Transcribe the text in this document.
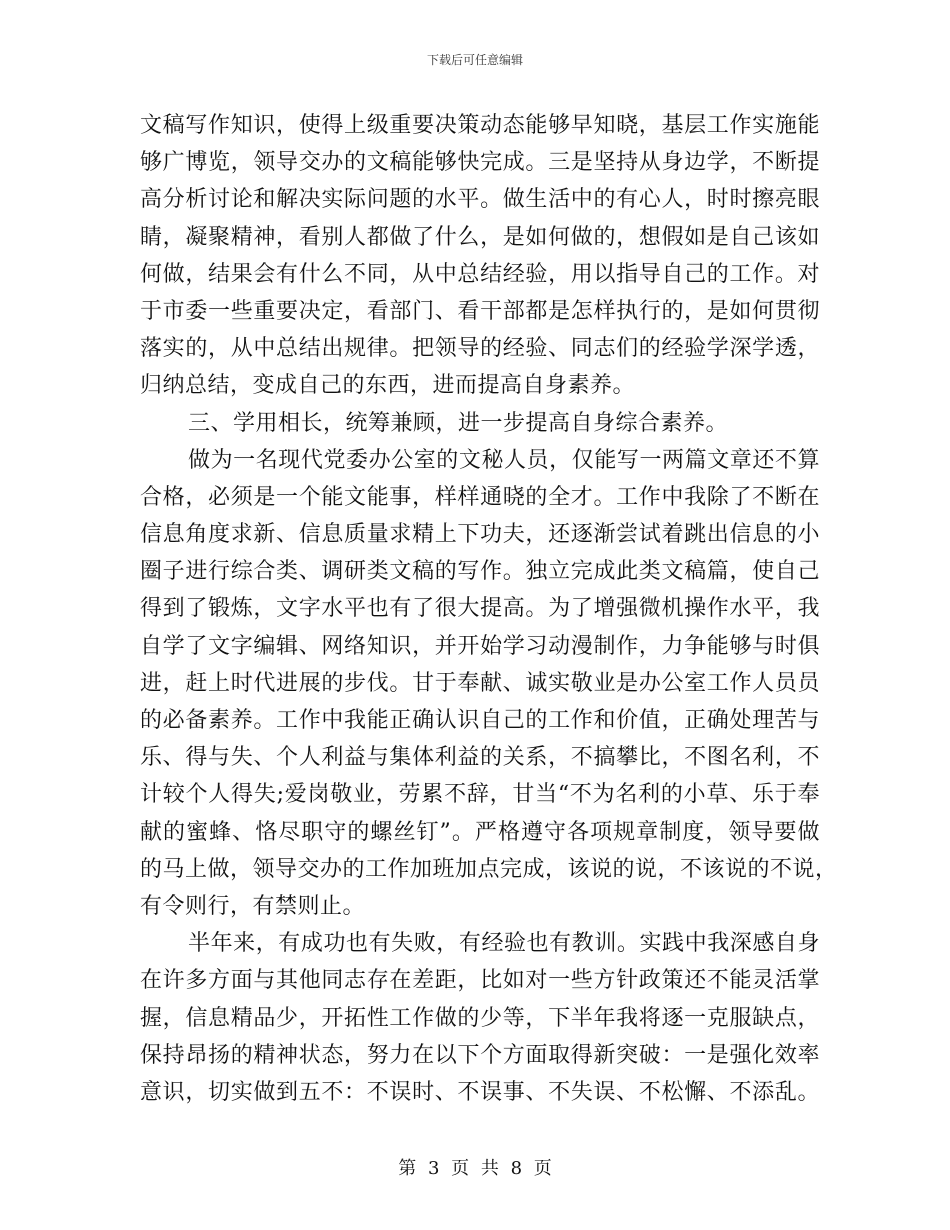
下载后可任意编辑
文稿写作知识，使得上级重要决策动态能够早知晓，基层工作实施能
够广博览，领导交办的文稿能够快完成。三是坚持从身边学，不断提
高分析讨论和解决实际问题的水平。做生活中的有心人，时时擦亮眼
睛，凝聚精神，看别人都做了什么，是如何做的，想假如是自己该如
何做，结果会有什么不同，从中总结经验，用以指导自己的工作。对
于市委一些重要决定，看部门、看干部都是怎样执行的，是如何贯彻
落实的，从中总结出规律。把领导的经验、同志们的经验学深学透，
归纳总结，变成自己的东西，进而提高自身素养。
三、学用相长，统筹兼顾，进一步提高自身综合素养。
做为一名现代党委办公室的文秘人员，仅能写一两篇文章还不算
合格，必须是一个能文能事，样样通晓的全才。工作中我除了不断在
信息角度求新、信息质量求精上下功夫，还逐渐尝试着跳出信息的小
圈子进行综合类、调研类文稿的写作。独立完成此类文稿篇，使自己
得到了锻炼，文字水平也有了很大提高。为了增强微机操作水平，我
自学了文字编辑、网络知识，并开始学习动漫制作，力争能够与时俱
进，赶上时代进展的步伐。甘于奉献、诚实敬业是办公室工作人员员
的必备素养。工作中我能正确认识自己的工作和价值，正确处理苦与
乐、得与失、个人利益与集体利益的关系，不搞攀比，不图名利，不
计较个人得失;爱岗敬业，劳累不辞，甘当“不为名利的小草、乐于奉
献的蜜蜂、恪尽职守的螺丝钉”。严格遵守各项规章制度，领导要做
的马上做，领导交办的工作加班加点完成，该说的说，不该说的不说，
有令则行，有禁则止。
半年来，有成功也有失败，有经验也有教训。实践中我深感自身
在许多方面与其他同志存在差距，比如对一些方针政策还不能灵活掌
握，信息精品少，开拓性工作做的少等，下半年我将逐一克服缺点，
保持昂扬的精神状态，努力在以下个方面取得新突破：一是强化效率
意识，切实做到五不：不误时、不误事、不失误、不松懈、不添乱。
第 3 页 共 8 页
